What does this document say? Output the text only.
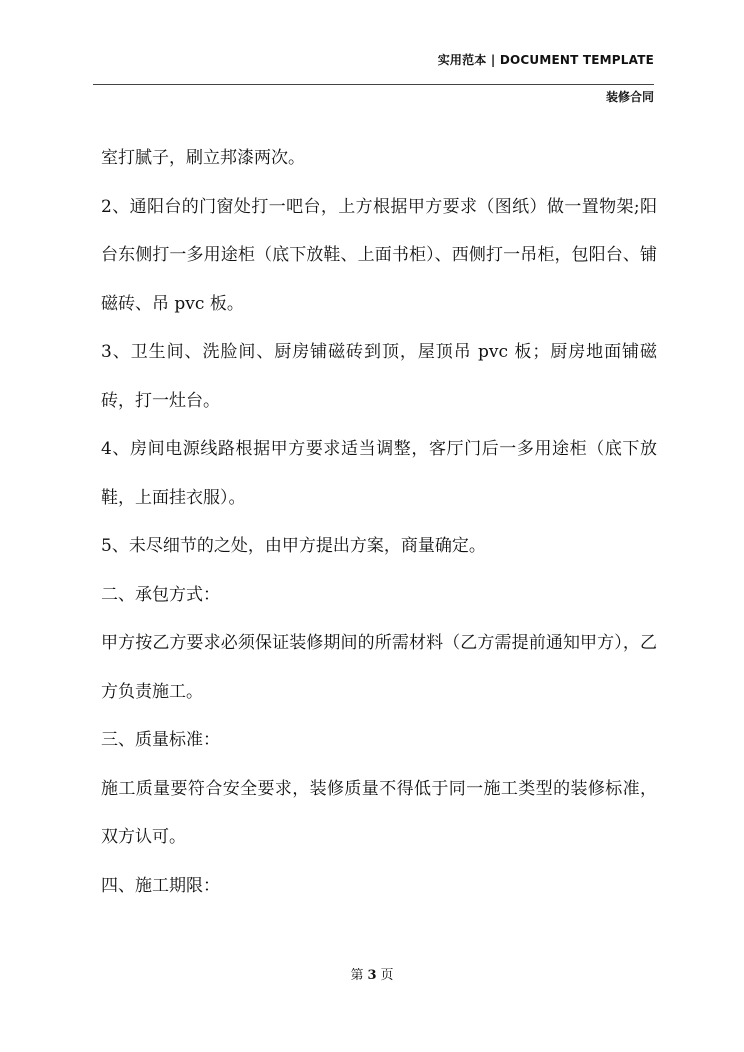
实用范本 | DOCUMENT TEMPLATE
装修合同

室打腻子，刷立邦漆两次。

2、通阳台的门窗处打一吧台，上方根据甲方要求（图纸）做一置物架;阳台东侧打一多用途柜（底下放鞋、上面书柜）、西侧打一吊柜，包阳台、铺磁砖、吊 pvc 板。

3、卫生间、洗脸间、厨房铺磁砖到顶，屋顶吊 pvc 板；厨房地面铺磁砖，打一灶台。

4、房间电源线路根据甲方要求适当调整，客厅门后一多用途柜（底下放鞋，上面挂衣服）。

5、未尽细节的之处，由甲方提出方案，商量确定。

二、承包方式：

甲方按乙方要求必须保证装修期间的所需材料（乙方需提前通知甲方），乙方负责施工。

三、质量标准：

施工质量要符合安全要求，装修质量不得低于同一施工类型的装修标准，双方认可。

四、施工期限：

第 3 页
